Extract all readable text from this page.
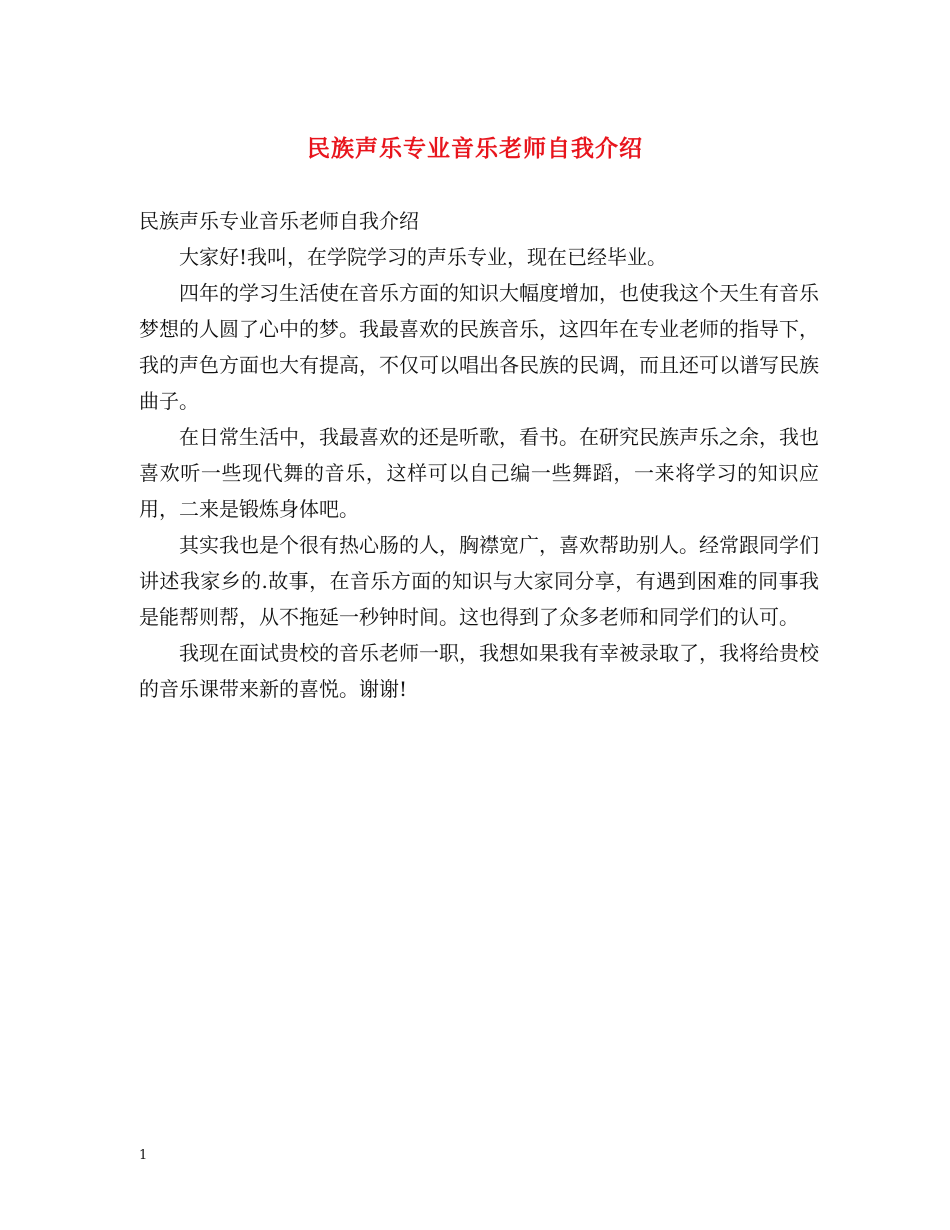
民族声乐专业音乐老师自我介绍

民族声乐专业音乐老师自我介绍

大家好!我叫，在学院学习的声乐专业，现在已经毕业。

四年的学习生活使在音乐方面的知识大幅度增加，也使我这个天生有音乐梦想的人圆了心中的梦。我最喜欢的民族音乐，这四年在专业老师的指导下，我的声色方面也大有提高，不仅可以唱出各民族的民调，而且还可以谱写民族曲子。

在日常生活中，我最喜欢的还是听歌，看书。在研究民族声乐之余，我也喜欢听一些现代舞的音乐，这样可以自己编一些舞蹈，一来将学习的知识应用，二来是锻炼身体吧。

其实我也是个很有热心肠的人，胸襟宽广，喜欢帮助别人。经常跟同学们讲述我家乡的.故事，在音乐方面的知识与大家同分享，有遇到困难的同事我是能帮则帮，从不拖延一秒钟时间。这也得到了众多老师和同学们的认可。

我现在面试贵校的音乐老师一职，我想如果我有幸被录取了，我将给贵校的音乐课带来新的喜悦。谢谢!

1
